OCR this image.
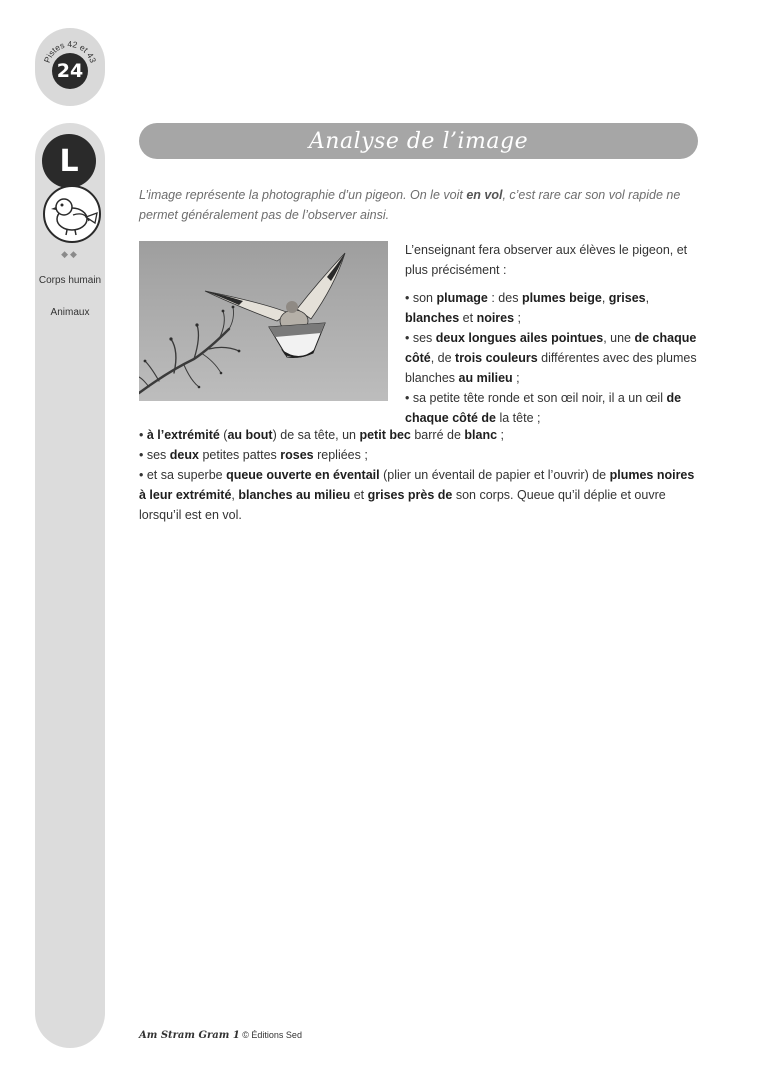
Pistes 42 et 43
24
L
◆◆
Corps humain
Animaux
Analyse de l’image
L’image représente la photographie d’un pigeon. On le voit en vol, c’est rare car son vol rapide ne permet généralement pas de l’observer ainsi.

L’enseignant fera observer aux élèves le pigeon, et plus précisément :

• son plumage : des plumes beige, grises, blanches et noires ;

• ses deux longues ailes pointues, une de chaque côté, de trois couleurs différentes avec des plumes blanches au milieu ;

• sa petite tête ronde et son œil noir, il a un œil de chaque côté de la tête ;

• à l’extrémité (au bout) de sa tête, un petit bec barré de blanc ;

• ses deux petites pattes roses repliées ;

• et sa superbe queue ouverte en éventail (plier un éventail de papier et l’ouvrir) de plumes noires à leur extrémité, blanches au milieu et grises près de son corps. Queue qu’il déplie et ouvre lorsqu’il est en vol.

Am Stram Gram 1 © Éditions Sed
